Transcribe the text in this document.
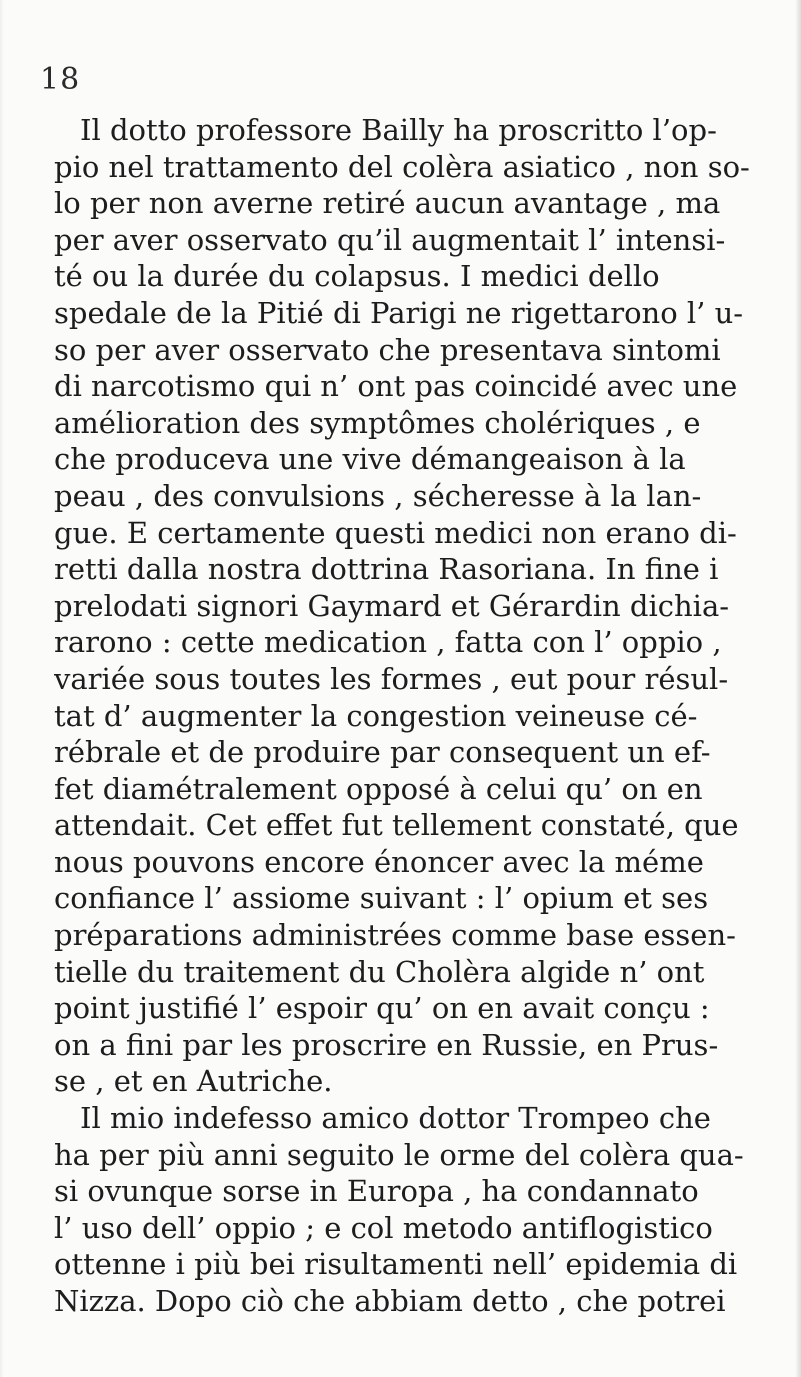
18
Il dotto professore Bailly ha proscritto l’op-
pio nel trattamento del colèra asiatico , non so-
lo per non averne retiré aucun avantage , ma
per aver osservato qu’il augmentait l’ intensi-
té ou la durée du colapsus. I medici dello
spedale de la Pitié di Parigi ne rigettarono l’ u-
so per aver osservato che presentava sintomi
di narcotismo qui n’ ont pas coincidé avec une
amélioration des symptômes cholériques , e
che produceva une vive démangeaison à la
peau , des convulsions , sécheresse à la lan-
gue. E certamente questi medici non erano di-
retti dalla nostra dottrina Rasoriana. In fine i
prelodati signori Gaymard et Gérardin dichia-
rarono : cette medication , fatta con l’ oppio ,
variée sous toutes les formes , eut pour résul-
tat d’ augmenter la congestion veineuse cé-
rébrale et de produire par consequent un ef-
fet diamétralement opposé à celui qu’ on en
attendait. Cet effet fut tellement constaté, que
nous pouvons encore énoncer avec la méme
confiance l’ assiome suivant : l’ opium et ses
préparations administrées comme base essen-
tielle du traitement du Cholèra algide n’ ont
point justifié l’ espoir qu’ on en avait conçu :
on a fini par les proscrire en Russie, en Prus-
se , et en Autriche.
Il mio indefesso amico dottor Trompeo che
ha per più anni seguito le orme del colèra qua-
si ovunque sorse in Europa , ha condannato
l’ uso dell’ oppio ; e col metodo antiflogistico
ottenne i più bei risultamenti nell’ epidemia di
Nizza. Dopo ciò che abbiam detto , che potrei
